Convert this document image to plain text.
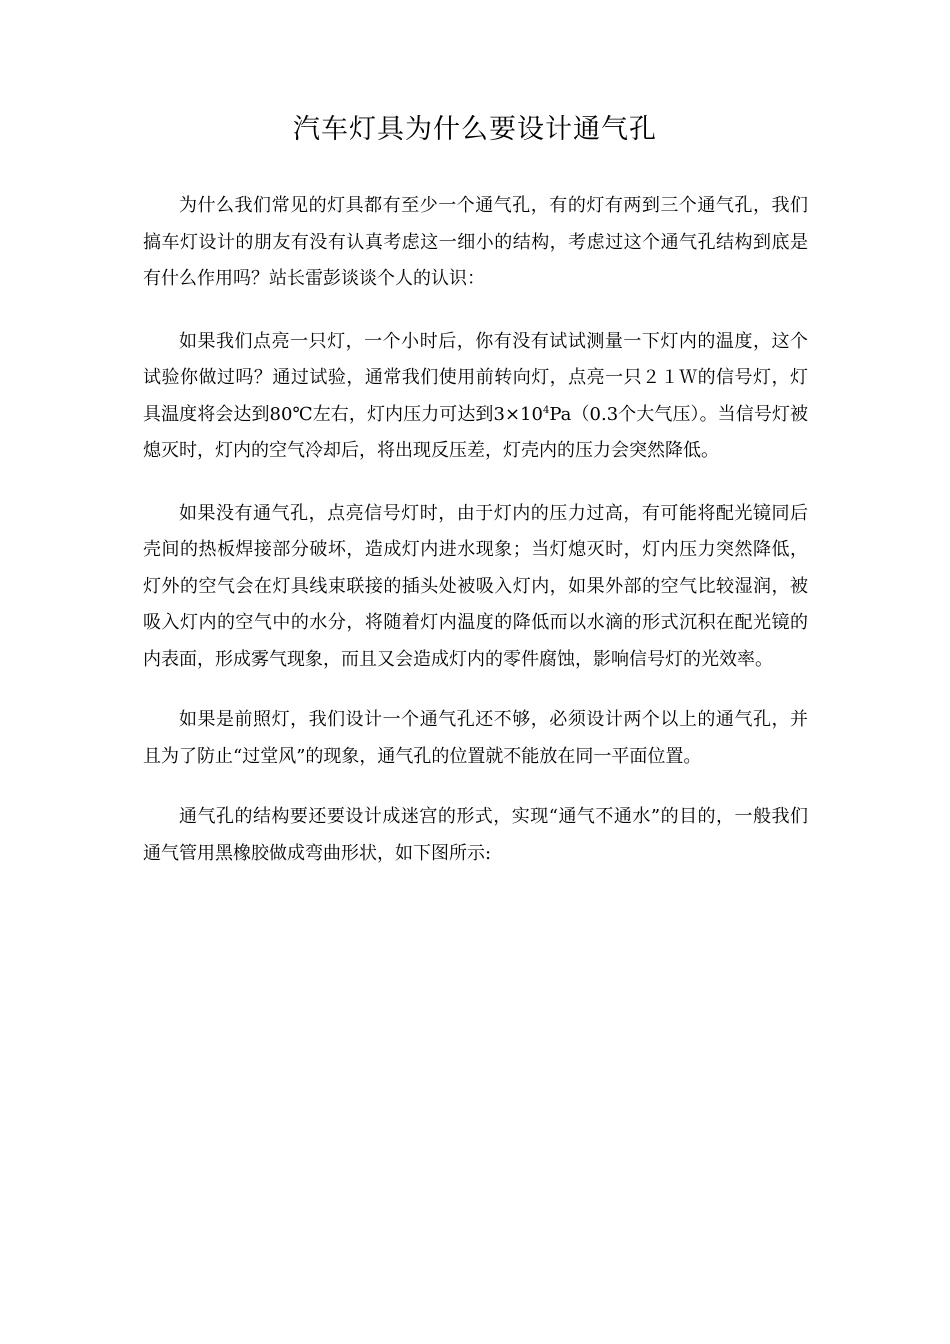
汽车灯具为什么要设计通气孔

为什么我们常见的灯具都有至少一个通气孔，有的灯有两到三个通气孔，我们搞车灯设计的朋友有没有认真考虑这一细小的结构，考虑过这个通气孔结构到底是有什么作用吗？站长雷彭谈谈个人的认识：

如果我们点亮一只灯，一个小时后，你有没有试试测量一下灯内的温度，这个试验你做过吗？通过试验，通常我们使用前转向灯，点亮一只２１Ｗ的信号灯，灯具温度将会达到80℃左右，灯内压力可达到$3\times 10^4Pa(0.3$个大气压）。当信号灯被熄灭时，灯内的空气冷却后，将出现反压差，灯壳内的压力会突然降低。

如果没有通气孔，点亮信号灯时，由于灯内的压力过高，有可能将配光镜同后壳间的热板焊接部分破坏，造成灯内进水现象；当灯熄灭时，灯内压力突然降低，灯外的空气会在灯具线束联接的插头处被吸入灯内，如果外部的空气比较湿润，被吸入灯内的空气中的水分，将随着灯内温度的降低而以水滴的形式沉积在配光镜的内表面，形成雾气现象，而且又会造成灯内的零件腐蚀，影响信号灯的光效率。

如果是前照灯，我们设计一个通气孔还不够，必须设计两个以上的通气孔，并且为了防止“过堂风”的现象，通气孔的位置就不能放在同一平面位置。

通气孔的结构要还要设计成迷宫的形式，实现“通气不通水”的目的，一般我们通气管用黑橡胶做成弯曲形状，如下图所示:
